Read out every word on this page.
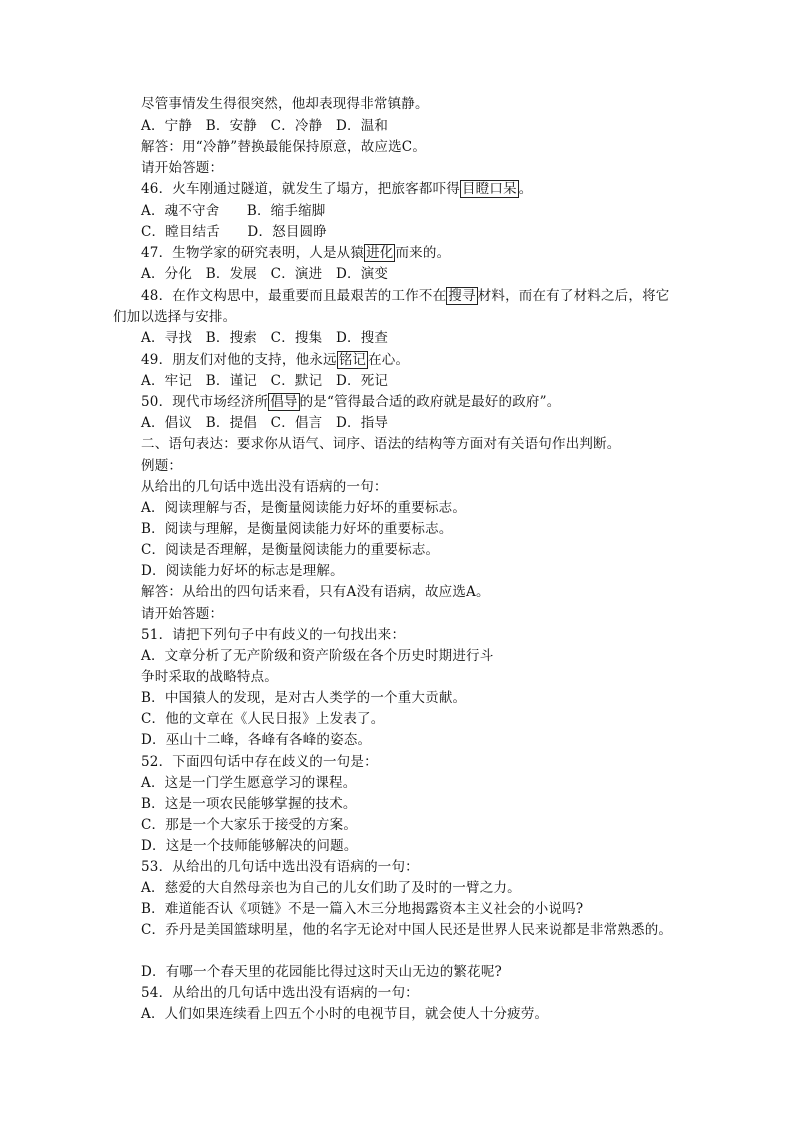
尽管事情发生得很突然，他却表现得非常镇静。
A．宁静　B．安静　C．冷静　D．温和
解答：用“冷静”替换最能保持原意，故应选C。
请开始答题：
46．火车刚通过隧道，就发生了塌方，把旅客都吓得 目瞪口呆 。
A．魂不守舍　　B．缩手缩脚
C．瞠目结舌　　D．怒目圆睁
47．生物学家的研究表明，人是从猿 进化 而来的。
A．分化　B．发展　C．演进　D．演变
48．在作文构思中，最重要而且最艰苦的工作不在 搜寻 材料，而在有了材料之后，将它
们加以选择与安排。
A．寻找　B．搜索　C．搜集　D．搜查
49．朋友们对他的支持，他永远 铭记 在心。
A．牢记　B．谨记　C．默记　D．死记
50．现代市场经济所 倡导 的是“管得最合适的政府就是最好的政府”。
A．倡议　B．提倡　C．倡言　D．指导
二、语句表达：要求你从语气、词序、语法的结构等方面对有关语句作出判断。
例题：
从给出的几句话中选出没有语病的一句：
A．阅读理解与否，是衡量阅读能力好坏的重要标志。
B．阅读与理解，是衡量阅读能力好坏的重要标志。
C．阅读是否理解，是衡量阅读能力的重要标志。
D．阅读能力好坏的标志是理解。
解答：从给出的四句话来看，只有A没有语病，故应选A。
请开始答题：
51．请把下列句子中有歧义的一句找出来：
A．文章分析了无产阶级和资产阶级在各个历史时期进行斗
争时采取的战略特点。
B．中国猿人的发现，是对古人类学的一个重大贡献。
C．他的文章在《人民日报》上发表了。
D．巫山十二峰，各峰有各峰的姿态。
52．下面四句话中存在歧义的一句是：
A．这是一门学生愿意学习的课程。
B．这是一项农民能够掌握的技术。
C．那是一个大家乐于接受的方案。
D．这是一个技师能够解决的问题。
53．从给出的几句话中选出没有语病的一句：
A．慈爱的大自然母亲也为自己的儿女们助了及时的一臂之力。
B．难道能否认《项链》不是一篇入木三分地揭露资本主义社会的小说吗?
C．乔丹是美国篮球明星，他的名字无论对中国人民还是世界人民来说都是非常熟悉的。
D．有哪一个春天里的花园能比得过这时天山无边的繁花呢?
54．从给出的几句话中选出没有语病的一句：
A．人们如果连续看上四五个小时的电视节目，就会使人十分疲劳。
